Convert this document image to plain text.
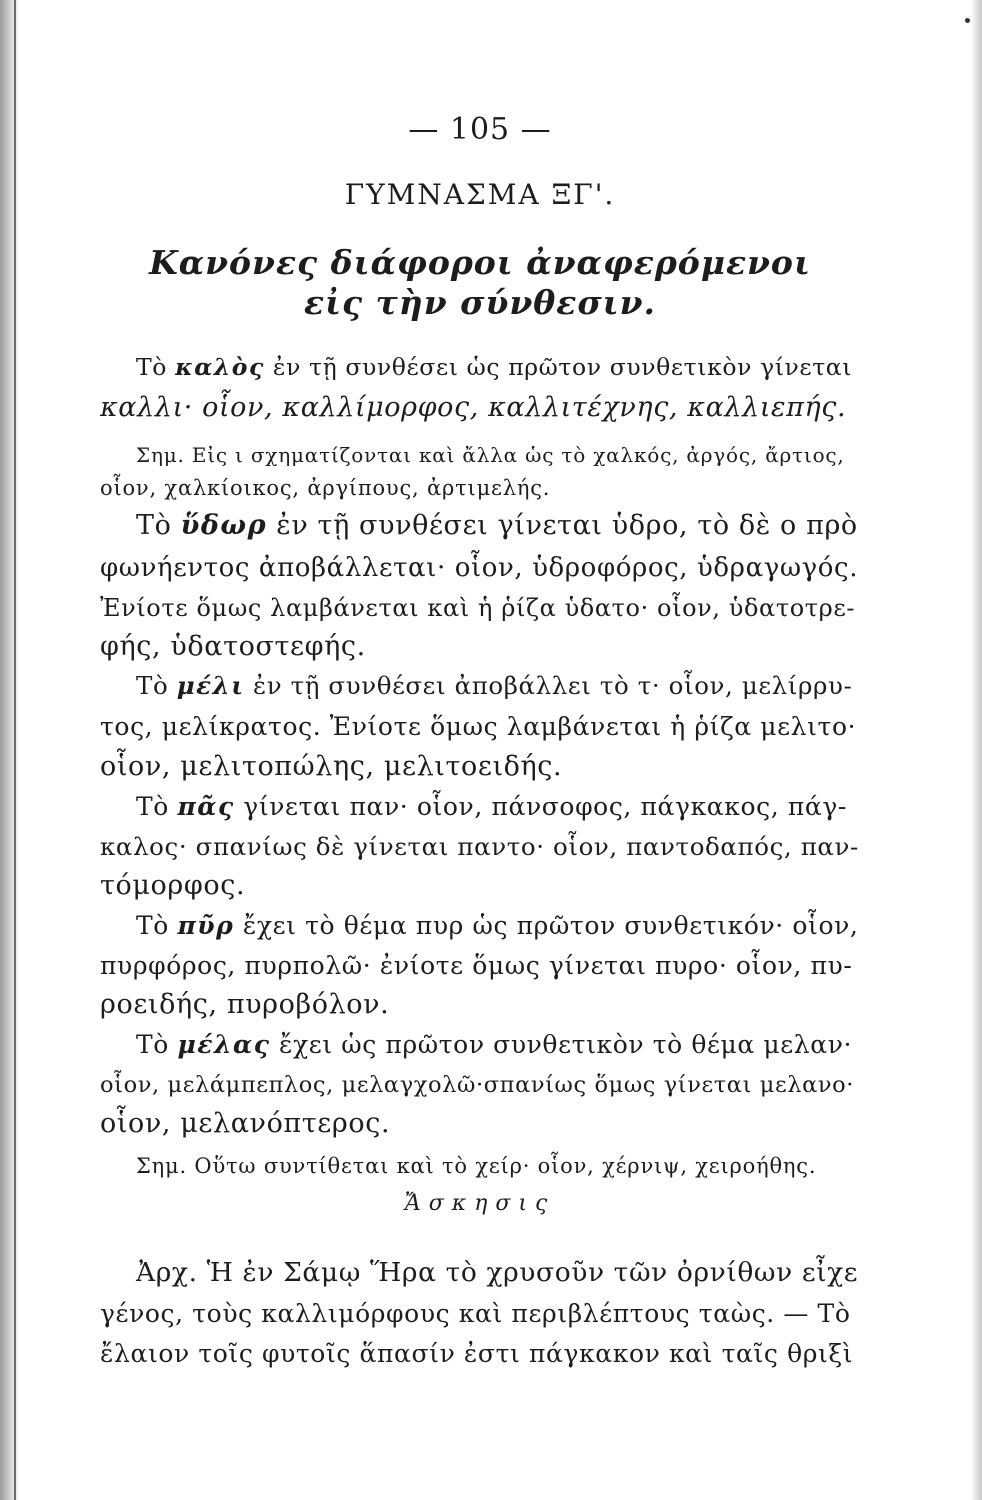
— 105 —
ΓΥΜΝΑΣΜΑ ΞΓ'.
Κανόνες διάφοροι ἀναφερόμενοι
εἰς τὴν σύνθεσιν.
Τὸ καλὸς ἐν τῇ συνθέσει ὡς πρῶτον συνθετικὸν γίνεται
καλλι· οἷον, καλλίμορφος, καλλιτέχνης, καλλιεπής.
Σημ. Εἰς ι σχηματίζονται καὶ ἄλλα ὡς τὸ χαλκός, ἀργός, ἄρτιος,
οἷον, χαλκίοικος, ἀργίπους, ἀρτιμελής.
Τὸ ὕδωρ ἐν τῇ συνθέσει γίνεται ὑδρο, τὸ δὲ ο πρὸ
φωνήεντος ἀποβάλλεται· οἷον, ὑδροφόρος, ὑδραγωγός.
Ἐνίοτε ὅμως λαμβάνεται καὶ ἡ ῥίζα ὑδατο· οἷον, ὑδατοτρε-
φής, ὑδατοστεφής.
Τὸ μέλι ἐν τῇ συνθέσει ἀποβάλλει τὸ τ· οἷον, μελίρρυ-
τος, μελίκρατος. Ἐνίοτε ὅμως λαμβάνεται ἡ ῥίζα μελιτο·
οἷον, μελιτοπώλης, μελιτοειδής.
Τὸ πᾶς γίνεται παν· οἷον, πάνσοφος, πάγκακος, πάγ-
καλος· σπανίως δὲ γίνεται παντο· οἷον, παντοδαπός, παν-
τόμορφος.
Τὸ πῦρ ἔχει τὸ θέμα πυρ ὡς πρῶτον συνθετικόν· οἷον,
πυρφόρος, πυρπολῶ· ἐνίοτε ὅμως γίνεται πυρο· οἷον, πυ-
ροειδής, πυροβόλον.
Τὸ μέλας ἔχει ὡς πρῶτον συνθετικὸν τὸ θέμα μελαν·
οἷον, μελάμπεπλος, μελαγχολῶ·σπανίως ὅμως γίνεται μελανο·
οἷον, μελανόπτερος.
Σημ. Οὕτω συντίθεται καὶ τὸ χείρ· οἷον, χέρνιψ, χειροήθης.
Ἄσκησις
Ἀρχ. Ἡ ἐν Σάμῳ Ἥρα τὸ χρυσοῦν τῶν ὀρνίθων εἶχε
γένος, τοὺς καλλιμόρφους καὶ περιβλέπτους ταὼς. — Τὸ
ἔλαιον τοῖς φυτοῖς ἅπασίν ἐστι πάγκακον καὶ ταῖς θριξὶ
